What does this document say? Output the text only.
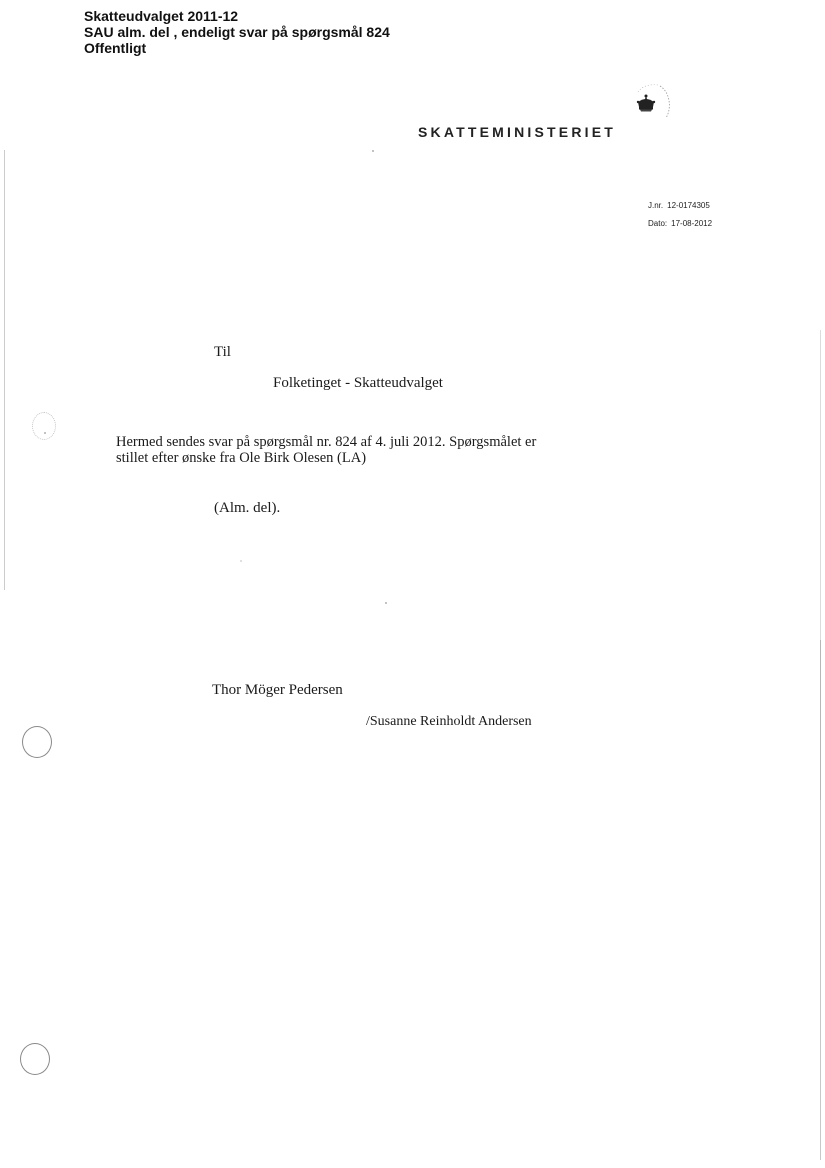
Skatteudvalget 2011-12
SAU alm. del , endeligt svar på spørgsmål 824
Offentligt
SKATTEMINISTERIET
J.nr. 12-0174305
Dato: 17-08-2012
Til
Folketinget - Skatteudvalget
Hermed sendes svar på spørgsmål nr. 824 af 4. juli 2012. Spørgsmålet er
stillet efter ønske fra Ole Birk Olesen (LA)
(Alm. del).
Thor Möger Pedersen
/Susanne Reinholdt Andersen
